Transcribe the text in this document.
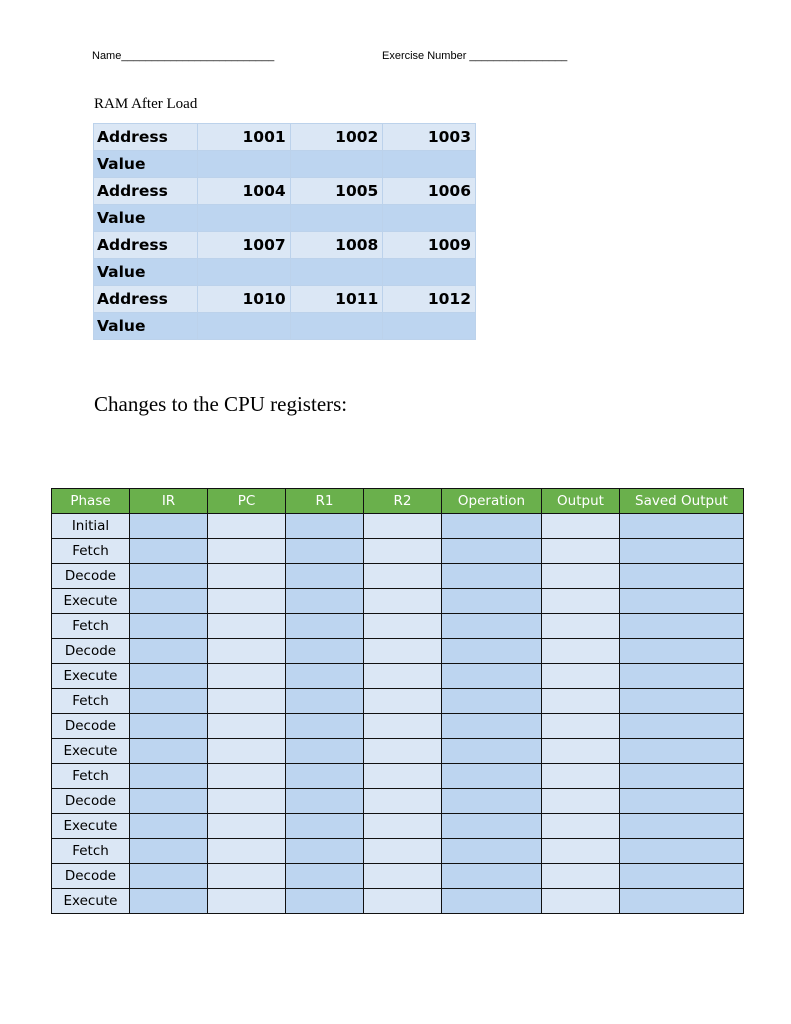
Name_________________________	Exercise Number ________________
RAM After Load
Address	1001	1002	1003
Value			
Address	1004	1005	1006
Value			
Address	1007	1008	1009
Value			
Address	1010	1011	1012
Value			
Changes to the CPU registers:
Phase	IR	PC	R1	R2	Operation	Output	Saved Output
Initial							
Fetch							
Decode							
Execute							
Fetch							
Decode							
Execute							
Fetch							
Decode							
Execute							
Fetch							
Decode							
Execute							
Fetch							
Decode							
Execute							
